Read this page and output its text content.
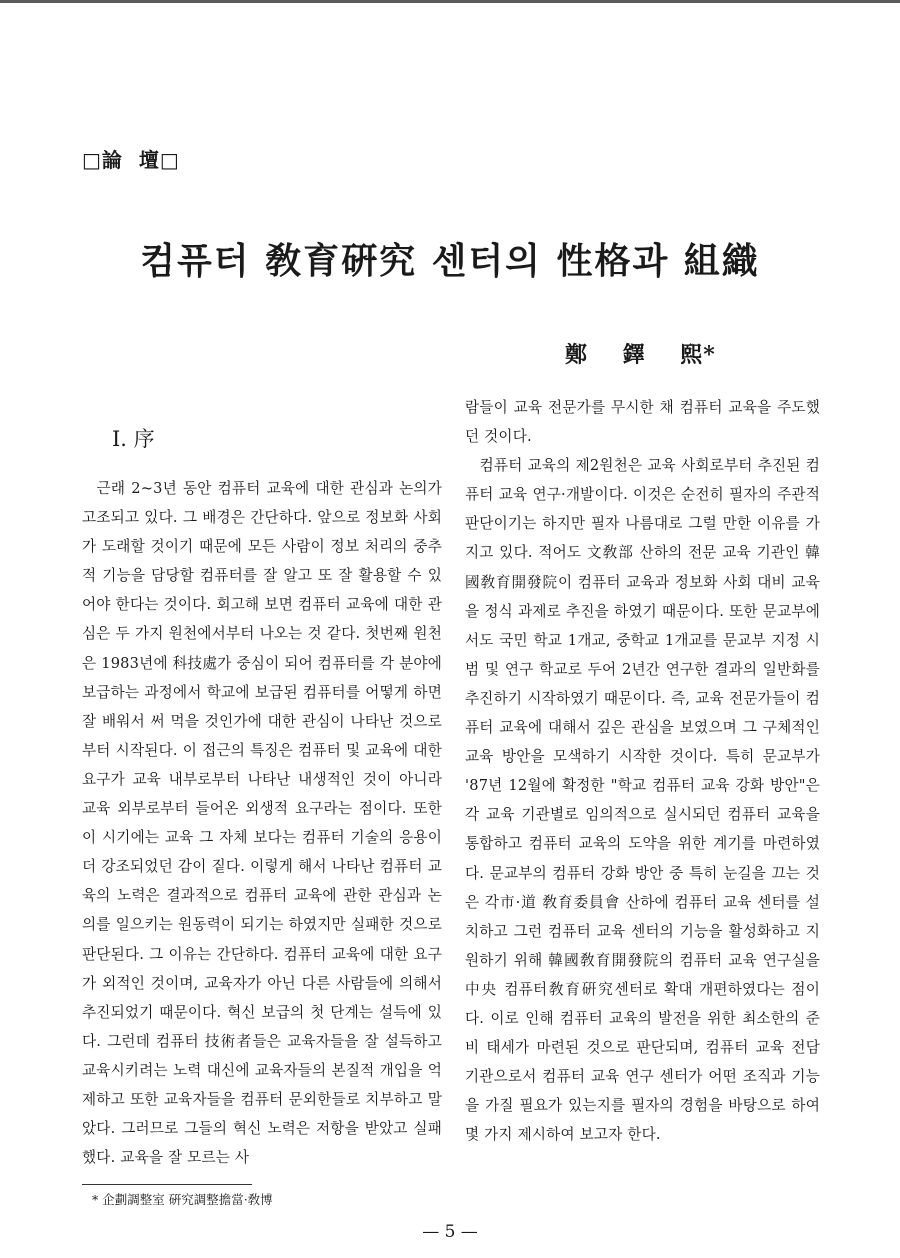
□論  壇□
컴퓨터 敎育硏究 센터의 性格과 組織
鄭    鐸    熙*
Ⅰ. 序

근래 2~3년 동안 컴퓨터 교육에 대한 관심과 논의가 고조되고 있다. 그 배경은 간단하다. 앞으로 정보화 사회가 도래할 것이기 때문에 모든 사람이 정보 처리의 중추적 기능을 담당할 컴퓨터를 잘 알고 또 잘 활용할 수 있어야 한다는 것이다. 회고해 보면 컴퓨터 교육에 대한 관심은 두 가지 원천에서부터 나오는 것 같다. 첫번째 원천은 1983년에 科技處가 중심이 되어 컴퓨터를 각 분야에 보급하는 과정에서 학교에 보급된 컴퓨터를 어떻게 하면 잘 배워서 써 먹을 것인가에 대한 관심이 나타난 것으로부터 시작된다. 이 접근의 특징은 컴퓨터 및 교육에 대한 요구가 교육 내부로부터 나타난 내생적인 것이 아니라 교육 외부로부터 들어온 외생적 요구라는 점이다. 또한 이 시기에는 교육 그 자체 보다는 컴퓨터 기술의 응용이 더 강조되었던 감이 짙다. 이렇게 해서 나타난 컴퓨터 교육의 노력은 결과적으로 컴퓨터 교육에 관한 관심과 논의를 일으키는 원동력이 되기는 하였지만 실패한 것으로 판단된다. 그 이유는 간단하다. 컴퓨터 교육에 대한 요구가 외적인 것이며, 교육자가 아닌 다른 사람들에 의해서 추진되었기 때문이다. 혁신 보급의 첫 단계는 설득에 있다. 그런데 컴퓨터 技術者들은 교육자들을 잘 설득하고 교육시키려는 노력 대신에 교육자들의 본질적 개입을 억제하고 또한 교육자들을 컴퓨터 문외한들로 치부하고 말았다. 그러므로 그들의 혁신 노력은 저항을 받았고 실패했다. 교육을 잘 모르는 사

람들이 교육 전문가를 무시한 채 컴퓨터 교육을 주도했던 것이다.

컴퓨터 교육의 제2원천은 교육 사회로부터 추진된 컴퓨터 교육 연구·개발이다. 이것은 순전히 필자의 주관적 판단이기는 하지만 필자 나름대로 그럴 만한 이유를 가지고 있다. 적어도 文敎部 산하의 전문 교육 기관인 韓國敎育開發院이 컴퓨터 교육과 정보화 사회 대비 교육을 정식 과제로 추진을 하였기 때문이다. 또한 문교부에서도 국민 학교 1개교, 중학교 1개교를 문교부 지정 시범 및 연구 학교로 두어 2년간 연구한 결과의 일반화를 추진하기 시작하였기 때문이다. 즉, 교육 전문가들이 컴퓨터 교육에 대해서 깊은 관심을 보였으며 그 구체적인 교육 방안을 모색하기 시작한 것이다. 특히 문교부가 '87년 12월에 확정한 "학교 컴퓨터 교육 강화 방안"은 각 교육 기관별로 임의적으로 실시되던 컴퓨터 교육을 통합하고 컴퓨터 교육의 도약을 위한 계기를 마련하였다. 문교부의 컴퓨터 강화 방안 중 특히 눈길을 끄는 것은 각市·道 敎育委員會 산하에 컴퓨터 교육 센터를 설치하고 그런 컴퓨터 교육 센터의 기능을 활성화하고 지원하기 위해 韓國敎育開發院의 컴퓨터 교육 연구실을 中央 컴퓨터敎育硏究센터로 확대 개편하였다는 점이다. 이로 인해 컴퓨터 교육의 발전을 위한 최소한의 준비 태세가 마련된 것으로 판단되며, 컴퓨터 교육 전담 기관으로서 컴퓨터 교육 연구 센터가 어떤 조직과 기능을 가질 필요가 있는지를 필자의 경험을 바탕으로 하여 몇 가지 제시하여 보고자 한다.

* 企劃調整室 硏究調整擔當·敎博
— 5 —
